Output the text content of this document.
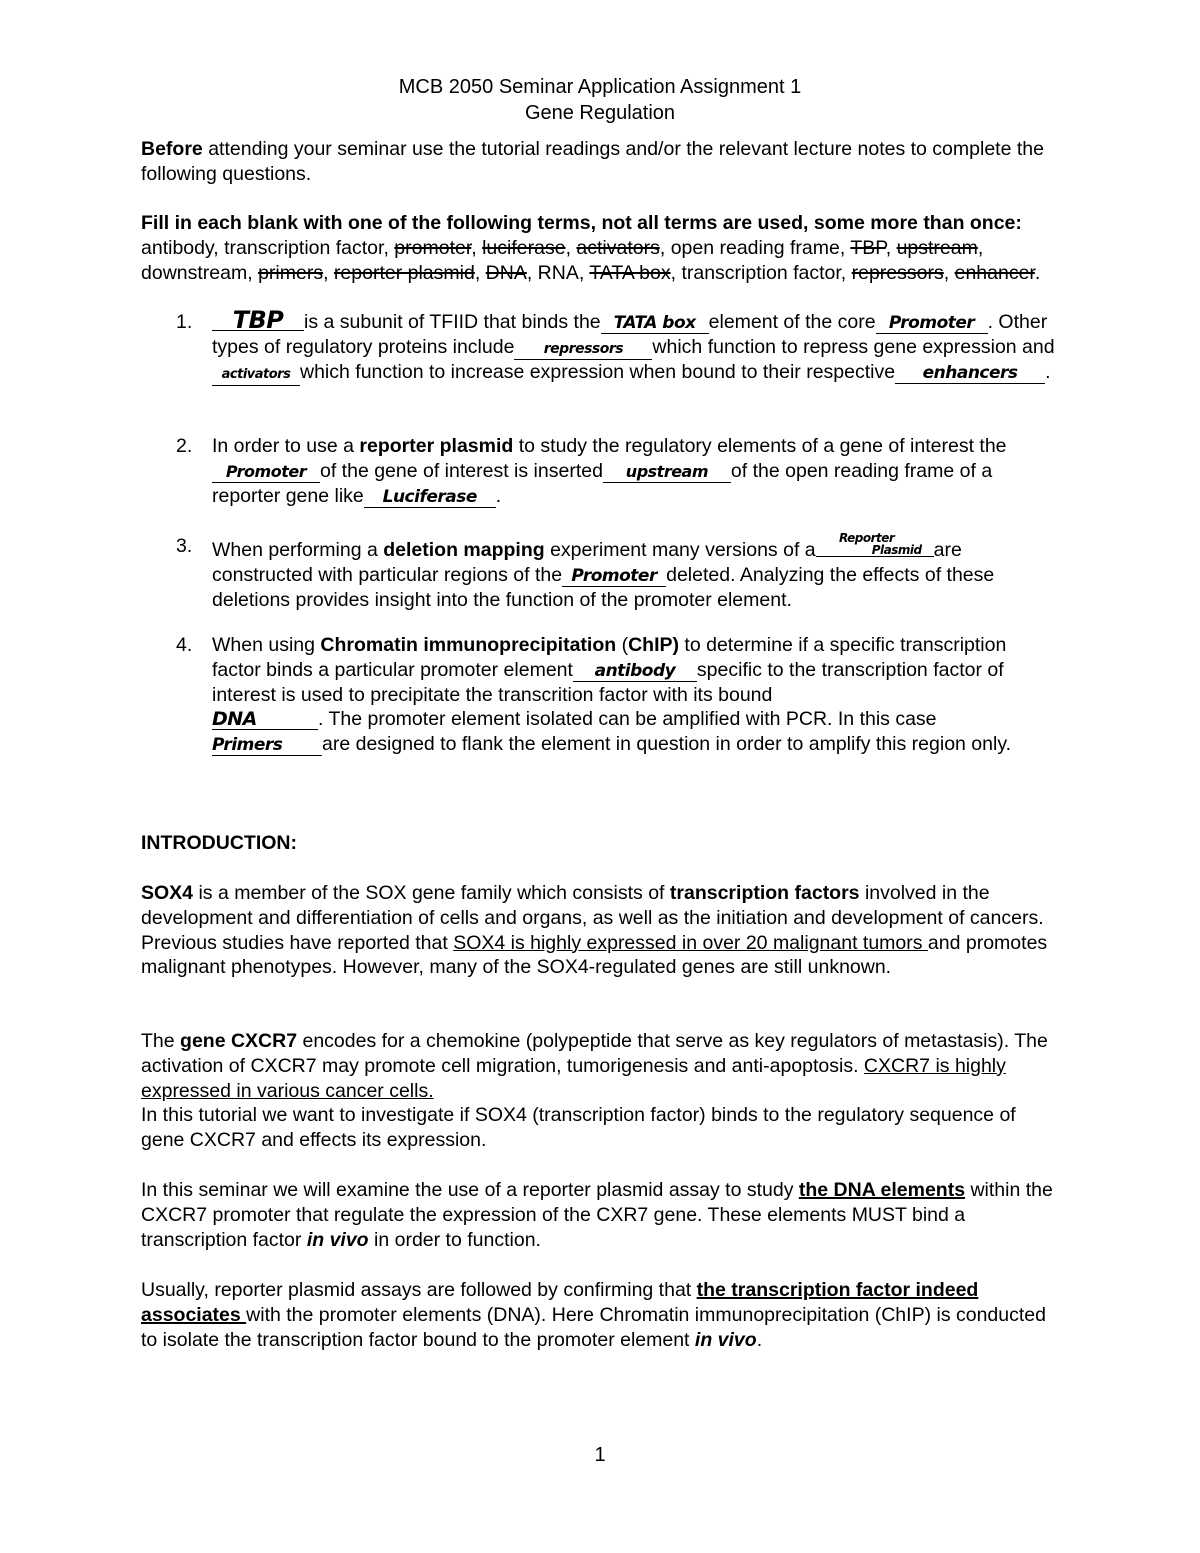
MCB 2050 Seminar Application Assignment 1
Gene Regulation

Before attending your seminar use the tutorial readings and/or the relevant lecture notes to complete the following questions.

Fill in each blank with one of the following terms, not all terms are used, some more than once: antibody, transcription factor, promoter, luciferase, activators, open reading frame, TBP, upstream, downstream, primers, reporter plasmid, DNA, RNA, TATA box, transcription factor, repressors, enhancer.

1.	TBP is a subunit of TFIID that binds the TATA box element of the core Promoter . Other types of regulatory proteins include repressors which function to repress gene expression andactivators which function to increase expression when bound to their respective enhancers .
2. In order to use a reporter plasmid to study the regulatory elements of a gene of interest thePromoter of the gene of interest is inserted upstream of the open reading frame of a reporter gene like Luciferase .
3. When performing a deletion mapping experiment many versions of a
Reporter
Plasmid are constructed with particular regions of the Promoter deleted. Analyzing the effects of these deletions provides insight into the function of the promoter element.
4. When using Chromatin immunoprecipitation (ChIP) to determine if a specific transcription factor binds a particular promoter element antibody specific to the transcription factor of interest is used to precipitate the transcrition factor with its bound
DNA	. The promoter element isolated can be amplified with PCR. In this case
Primers are designed to flank the element in question in order to amplify this region only.

INTRODUCTION:

SOX4 is a member of the SOX gene family which consists of transcription factors involved in the development and differentiation of cells and organs, as well as the initiation and development of cancers. Previous studies have reported that SOX4 is highly expressed in over 20 malignant tumors and promotes malignant phenotypes. However, many of the SOX4-regulated genes are still unknown.

The gene CXCR7 encodes for a chemokine (polypeptide that serve as key regulators of metastasis). The activation of CXCR7 may promote cell migration, tumorigenesis and anti-apoptosis. CXCR7 is highly expressed in various cancer cells.
In this tutorial we want to investigate if SOX4 (transcription factor) binds to the regulatory sequence of gene CXCR7 and effects its expression.

In this seminar we will examine the use of a reporter plasmid assay to study the DNA elements within the CXCR7 promoter that regulate the expression of the CXR7 gene. These elements MUST bind a transcription factor in vivo in order to function.

Usually, reporter plasmid assays are followed by confirming that the transcription factor indeed associates with the promoter elements (DNA). Here Chromatin immunoprecipitation (ChIP) is conducted to isolate the transcription factor bound to the promoter element in vivo.

1
